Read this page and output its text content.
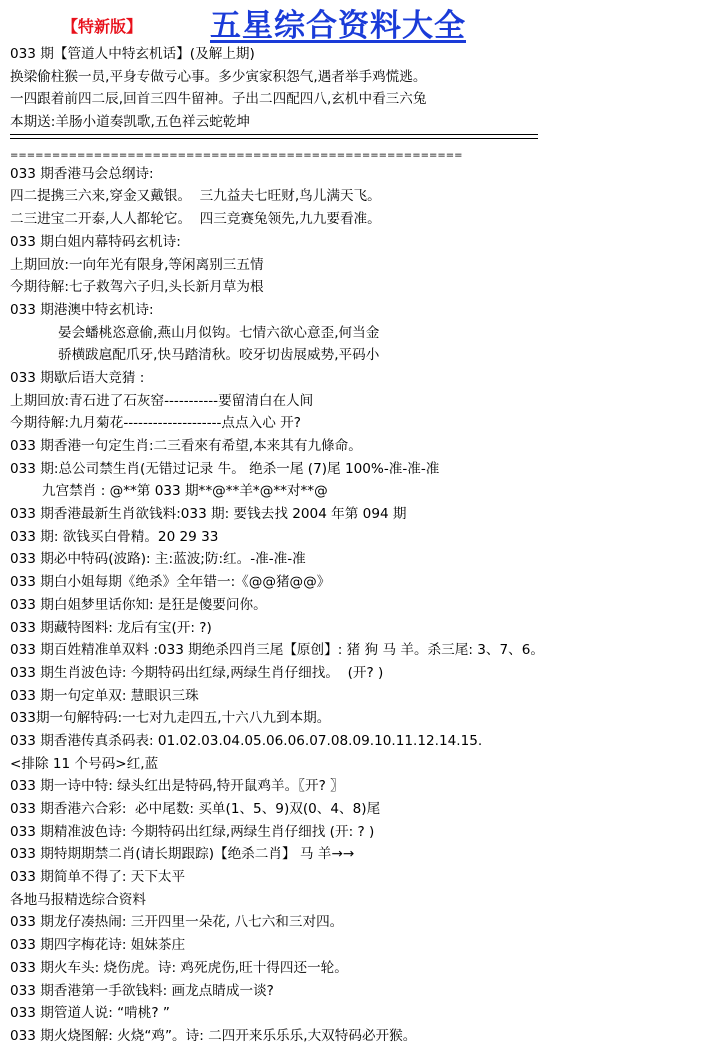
【特新版】 五星综合资料大全
033 期【管道人中特玄机话】(及解上期)
换梁偷柱猴一员,平身专做亏心事。多少寅家积怨气,遇者举手鸡慌逃。
一四跟着前四二辰,回首三四牛留神。子出二四配四八,玄机中看三六兔
本期送:羊肠小道奏凯歌,五色祥云蛇乾坤
======================================================
033 期香港马会总纲诗:
四二提携三六来,穿金又戴银。  三九益夫七旺财,鸟儿满天飞。
二三进宝二开泰,人人都轮它。  四三竞赛兔领先,九九要看准。
033 期白姐内幕特码玄机诗:
上期回放:一向年光有限身,等闲离别三五情
今期待解:七子救驾六子归,头长新月草为根
033 期港澳中特玄机诗:
晏会蟠桃恣意偷,燕山月似钩。七情六欲心意歪,何当金
骄横跋扈配爪牙,快马踏清秋。咬牙切齿展威势,平码小
033 期歇后语大竞猜 :
上期回放:青石进了石灰窑-----------要留清白在人间
今期待解:九月菊花--------------------点点入心 开?
033 期香港一句定生肖:二三看來有希望,本来其有九條命。
033 期:总公司禁生肖(无错过记录 牛。 绝杀一尾 (7)尾 100%-准-准-准
九宫禁肖 : @**第 033 期**@**羊*@**对**@
033 期香港最新生肖欲钱料:033 期: 要钱去找 2004 年第 094 期
033 期: 欲钱买白骨精。20 29 33
033 期必中特码(波路): 主:蓝波;防:红。-准-准-准
033 期白小姐每期《绝杀》全年错一:《@@猪@@》
033 期白姐梦里话你知: 是狂是傻要问你。
033 期藏特图料: 龙后有宝(开: ?)
033 期百姓精准单双料 :033 期绝杀四肖三尾【原创】: 猪 狗 马 羊。杀三尾: 3、7、6。
033 期生肖波色诗: 今期特码出红绿,两绿生肖仔细找。  (开? )
033 期一句定单双: 慧眼识三珠
033期一句解特码:一七对九走四五,十六八九到本期。
033 期香港传真杀码表: 01.02.03.04.05.06.06.07.08.09.10.11.12.14.15.
<排除 11 个号码>红,蓝
033 期一诗中特: 绿头红出是特码,特开鼠鸡羊。〖开? 〗
033 期香港六合彩:  必中尾数: 买单(1、5、9)双(0、4、8)尾
033 期精准波色诗: 今期特码出红绿,两绿生肖仔细找 (开: ? )
033 期特期期禁二肖(请长期跟踪)【绝杀二肖】 马 羊→→
033 期简单不得了: 天下太平
各地马报精选综合资料
033 期龙仔凑热闹: 三开四里一朵花, 八七六和三对四。
033 期四字梅花诗: 姐妹茶庄
033 期火车头: 烧伤虎。诗: 鸡死虎伤,旺十得四还一轮。
033 期香港第一手欲钱料: 画龙点睛成一谈?
033 期管道人说: “啃桃? ”
033 期火烧图解: 火烧“鸡”。诗: 二四开来乐乐乐,大双特码必开猴。
